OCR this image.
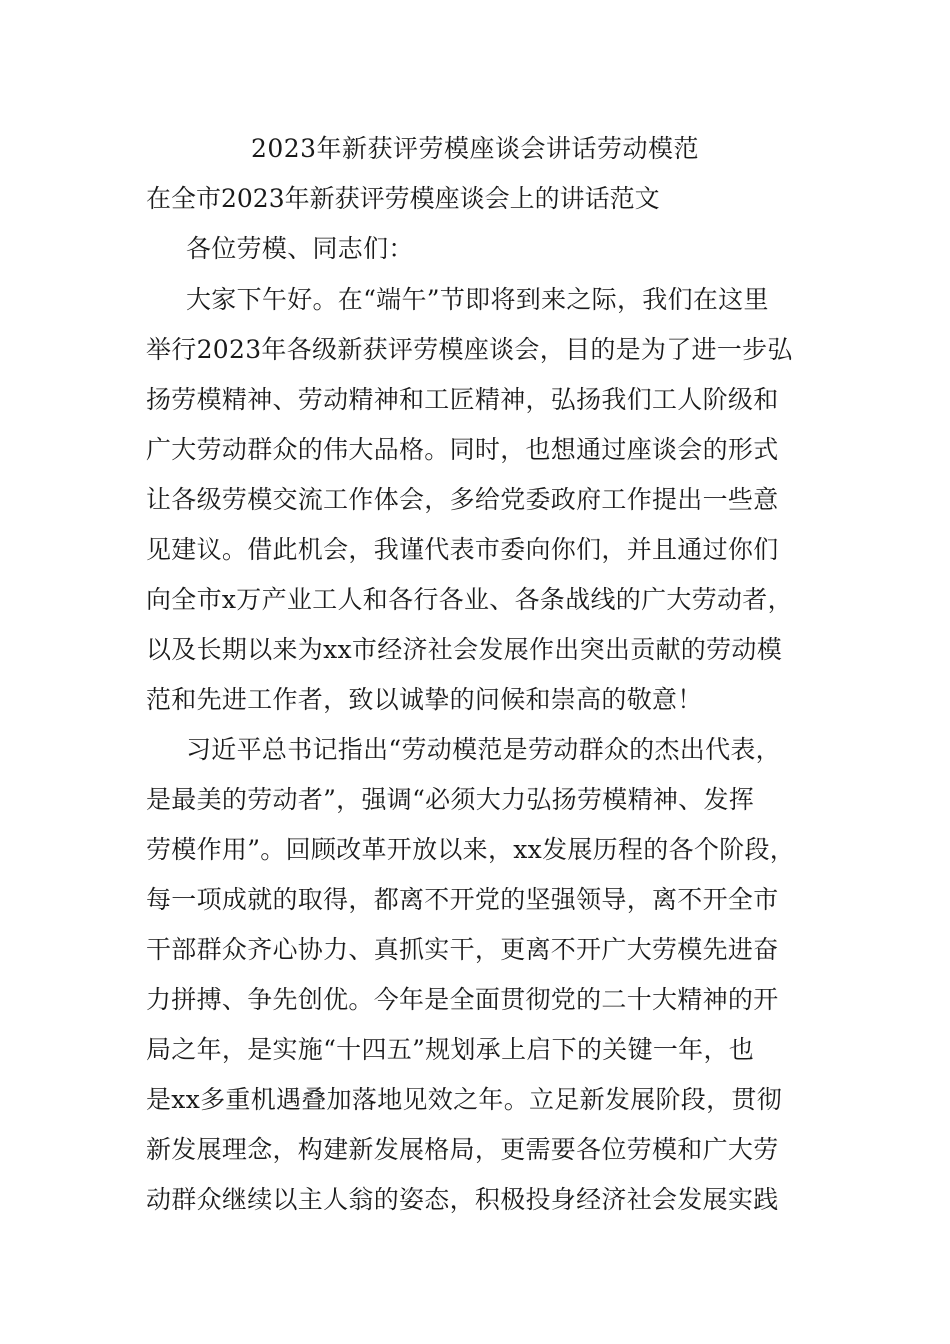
2023年新获评劳模座谈会讲话劳动模范
在全市2023年新获评劳模座谈会上的讲话范文

各位劳模、同志们：

大家下午好。在“端午”节即将到来之际，我们在这里

举行2023年各级新获评劳模座谈会，目的是为了进一步弘

扬劳模精神、劳动精神和工匠精神，弘扬我们工人阶级和

广大劳动群众的伟大品格。同时，也想通过座谈会的形式

让各级劳模交流工作体会，多给党委政府工作提出一些意

见建议。借此机会，我谨代表市委向你们，并且通过你们

向全市x万产业工人和各行各业、各条战线的广大劳动者，

以及长期以来为xx市经济社会发展作出突出贡献的劳动模

范和先进工作者，致以诚挚的问候和崇高的敬意！

习近平总书记指出“劳动模范是劳动群众的杰出代表，

是最美的劳动者”，强调“必须大力弘扬劳模精神、发挥

劳模作用”。回顾改革开放以来，xx发展历程的各个阶段，

每一项成就的取得，都离不开党的坚强领导，离不开全市

干部群众齐心协力、真抓实干，更离不开广大劳模先进奋

力拼搏、争先创优。今年是全面贯彻党的二十大精神的开

局之年，是实施“十四五”规划承上启下的关键一年，也

是xx多重机遇叠加落地见效之年。立足新发展阶段，贯彻

新发展理念，构建新发展格局，更需要各位劳模和广大劳

动群众继续以主人翁的姿态，积极投身经济社会发展实践
